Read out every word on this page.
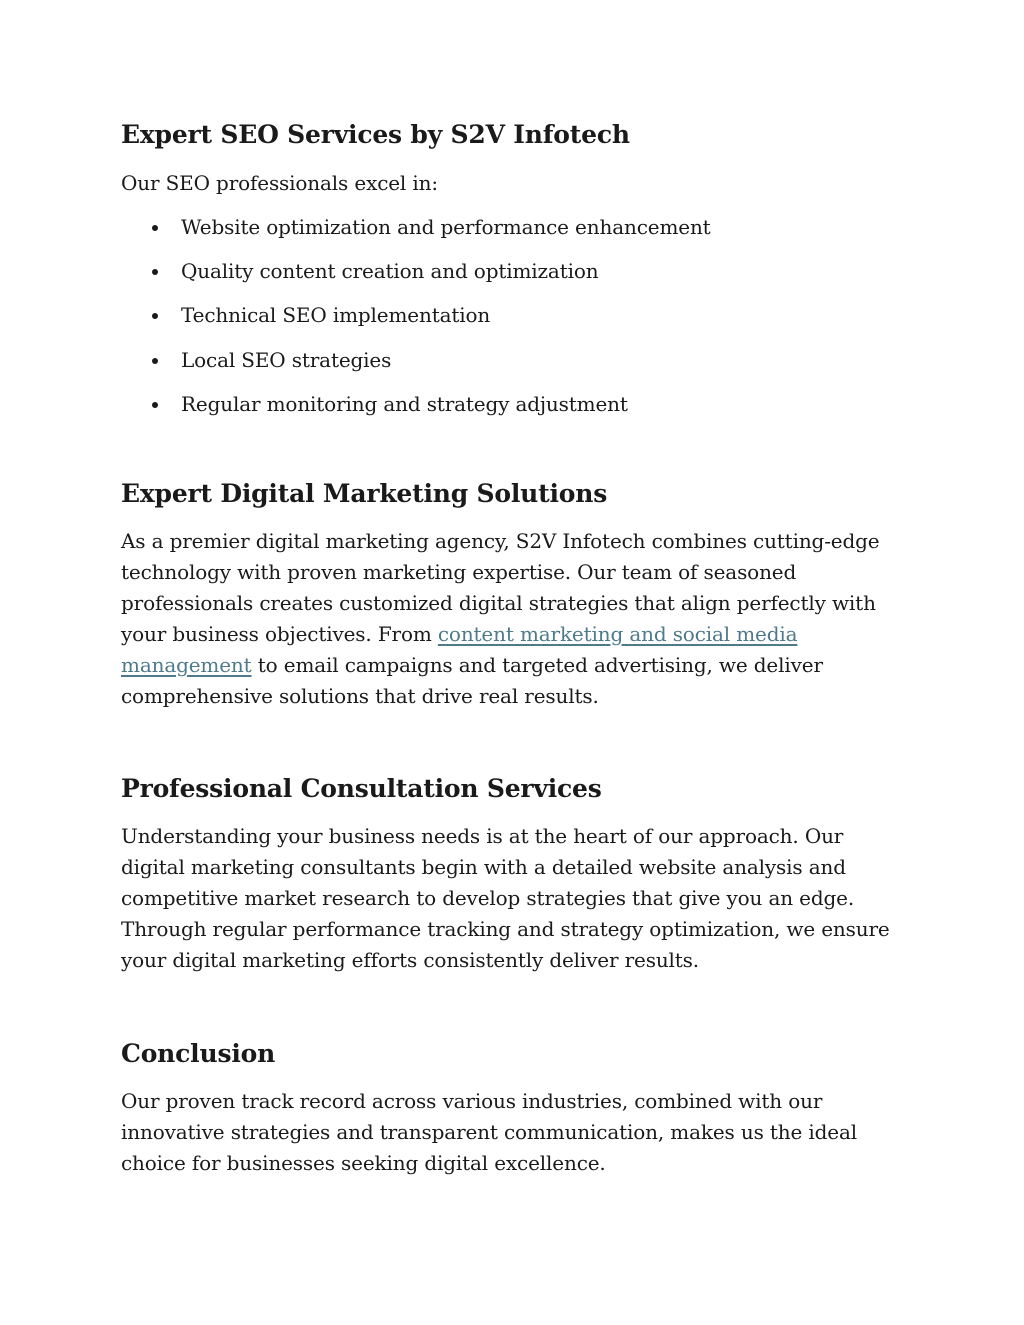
Expert SEO Services by S2V Infotech

Our SEO professionals excel in:

Website optimization and performance enhancement
Quality content creation and optimization
Technical SEO implementation
Local SEO strategies
Regular monitoring and strategy adjustment
Expert Digital Marketing Solutions

As a premier digital marketing agency, S2V Infotech combines cutting-edge technology with proven marketing expertise. Our team of seasoned professionals creates customized digital strategies that align perfectly with your business objectives. From content marketing and social media management to email campaigns and targeted advertising, we deliver comprehensive solutions that drive real results.

Professional Consultation Services

Understanding your business needs is at the heart of our approach. Our digital marketing consultants begin with a detailed website analysis and competitive market research to develop strategies that give you an edge. Through regular performance tracking and strategy optimization, we ensure your digital marketing efforts consistently deliver results.

Conclusion

Our proven track record across various industries, combined with our innovative strategies and transparent communication, makes us the ideal choice for businesses seeking digital excellence.
